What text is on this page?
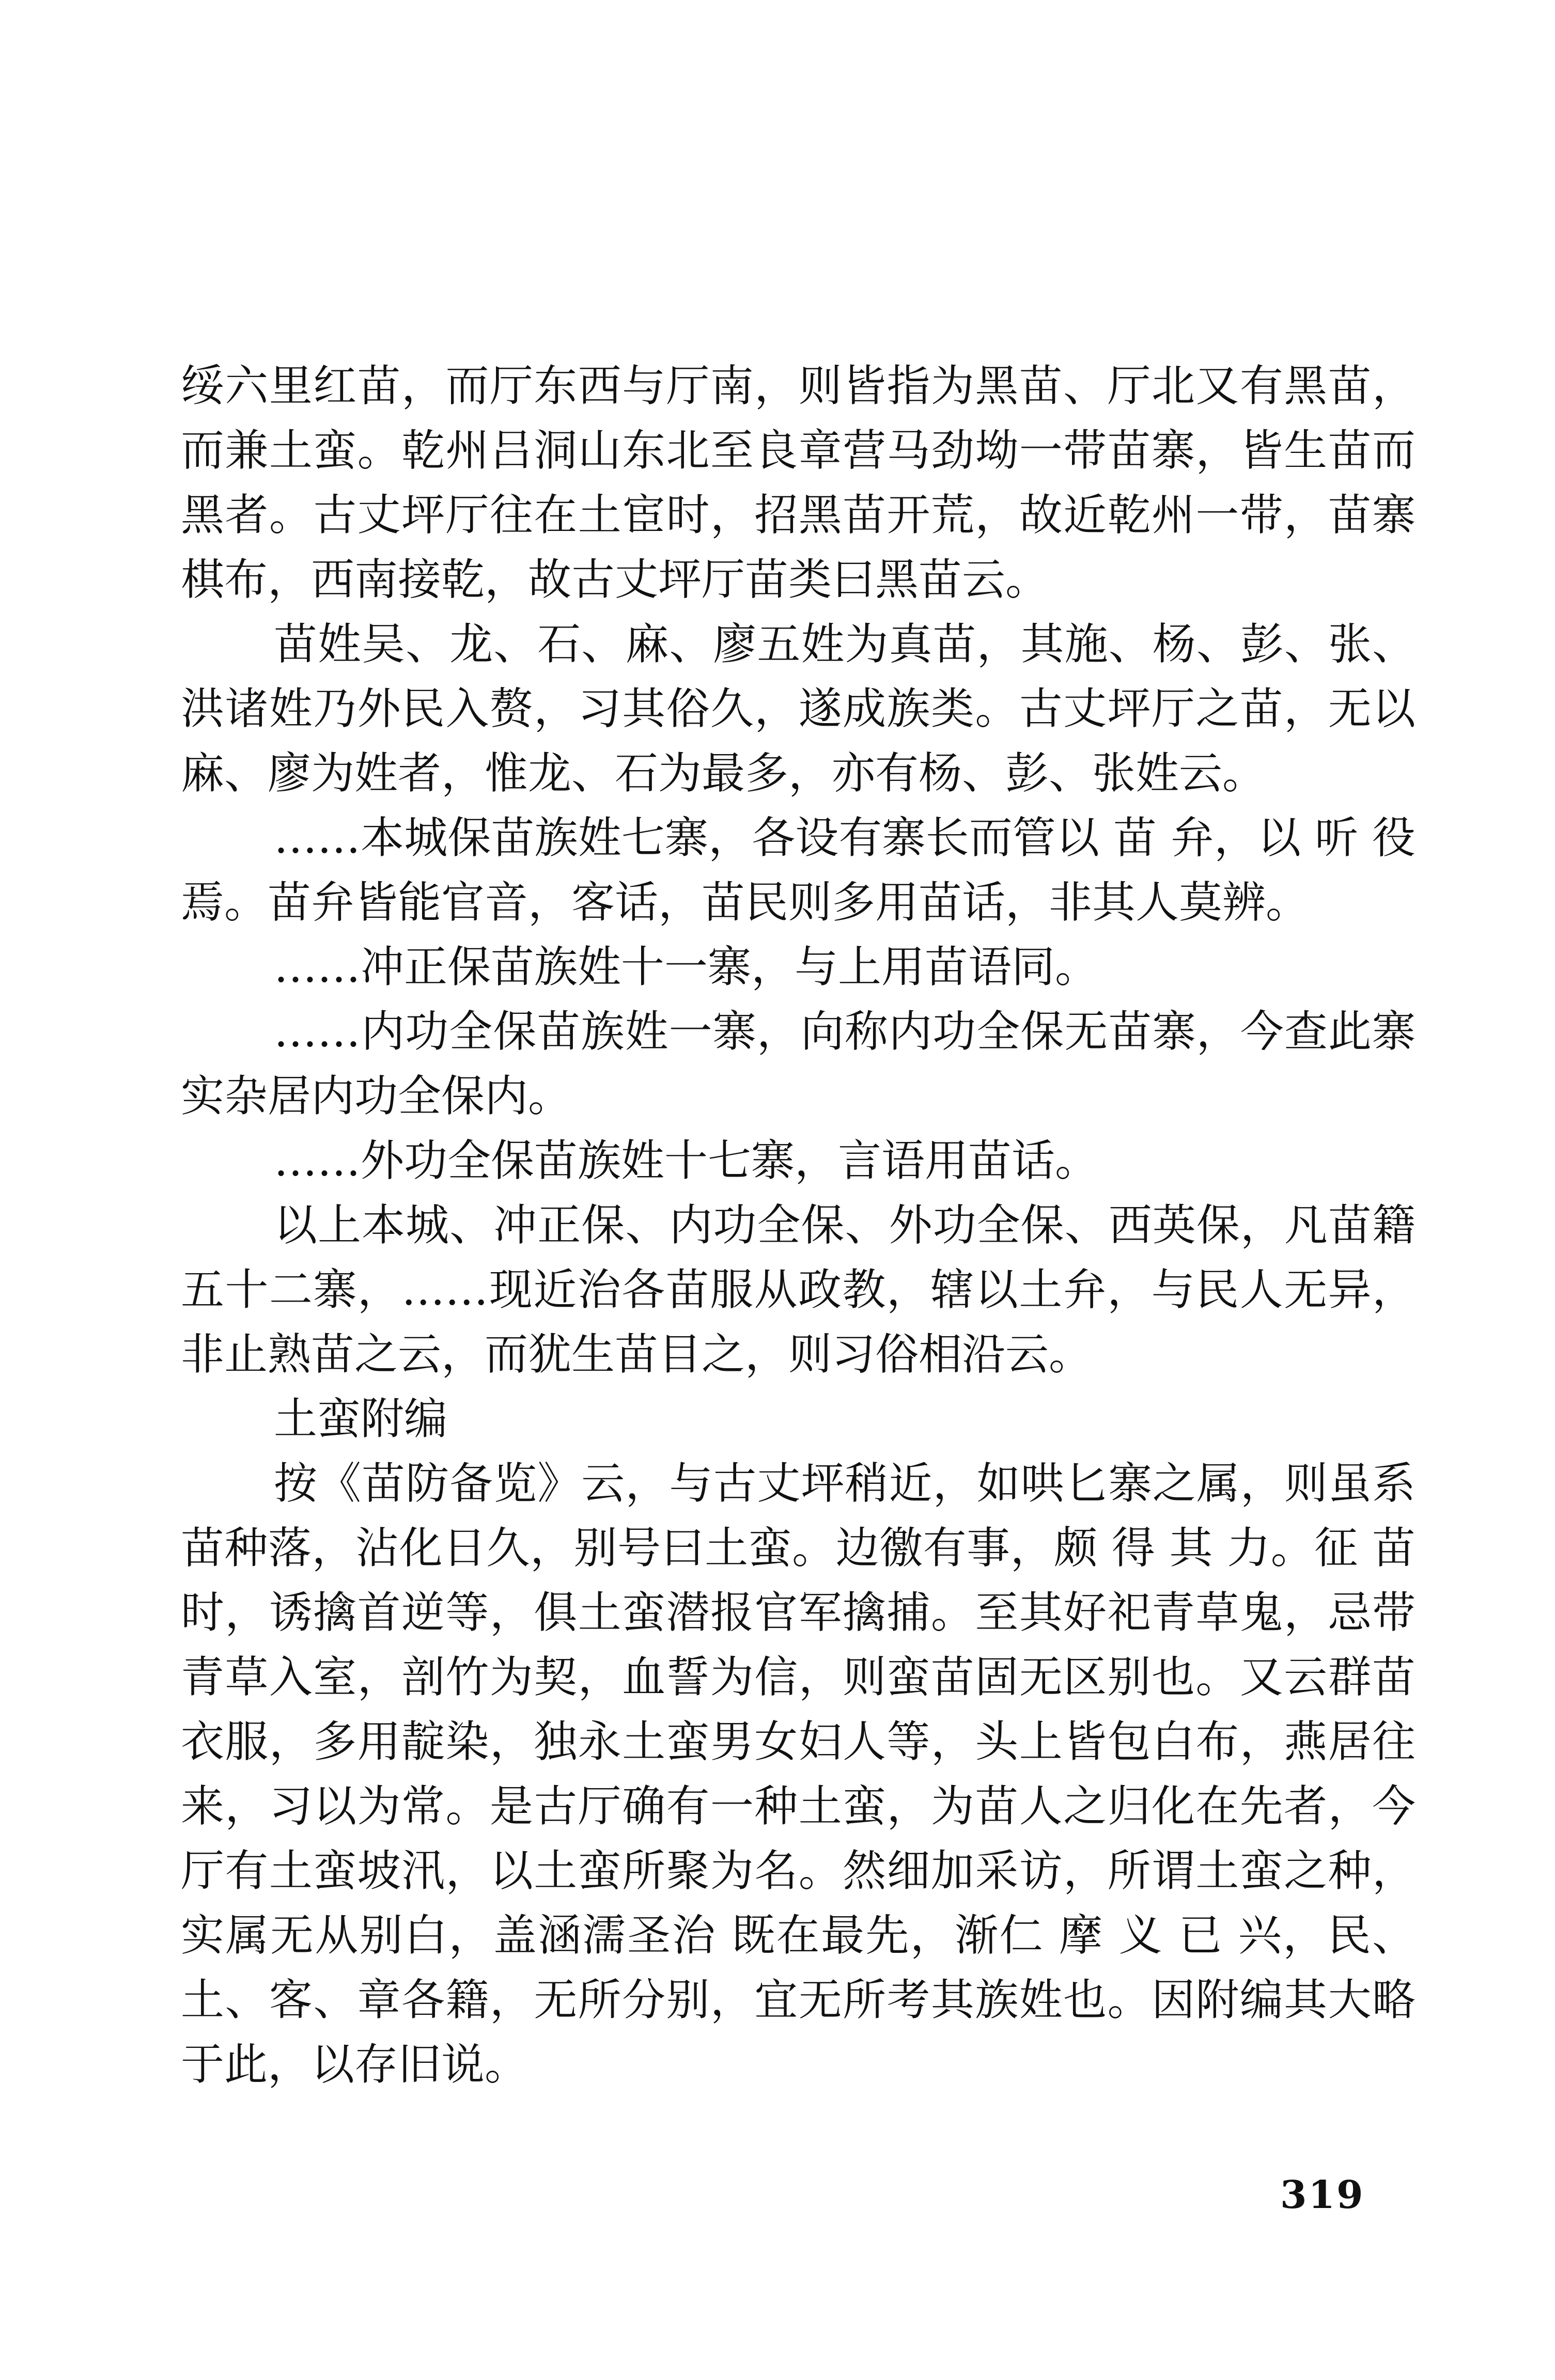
绥六里红苗，而厅东西与厅南，则皆指为黑苗、厅北又有黑苗，
而兼土蛮。乾州吕洞山东北至良章营马劲坳一带苗寨，皆生苗而
黑者。古丈坪厅往在土宦时，招黑苗开荒，故近乾州一带，苗寨
棋布，西南接乾，故古丈坪厅苗类曰黑苗云。
苗姓吴、龙、石、麻、廖五姓为真苗，其施、杨、彭、张、
洪诸姓乃外民入赘，习其俗久，遂成族类。古丈坪厅之苗，无以
麻、廖为姓者，惟龙、石为最多，亦有杨、彭、张姓云。
……本城保苗族姓七寨，各设有寨长而管以 苗 弁，以 听 役
焉。苗弁皆能官音，客话，苗民则多用苗话，非其人莫辨。
……冲正保苗族姓十一寨，与上用苗语同。
……内功全保苗族姓一寨，向称内功全保无苗寨，今查此寨
实杂居内功全保内。
……外功全保苗族姓十七寨，言语用苗话。
以上本城、冲正保、内功全保、外功全保、西英保，凡苗籍
五十二寨，……现近治各苗服从政教，辖以土弁，与民人无异，
非止熟苗之云，而犹生苗目之，则习俗相沿云。
土蛮附编
按《苗防备览》云，与古丈坪稍近，如哄匕寨之属，则虽系
苗种落，沾化日久，别号曰土蛮。边徼有事，颇 得 其 力。征 苗
时，诱擒首逆等，俱土蛮潜报官军擒捕。至其好祀青草鬼，忌带
青草入室，剖竹为契，血誓为信，则蛮苗固无区别也。又云群苗
衣服，多用靛染，独永土蛮男女妇人等，头上皆包白布，燕居往
来，习以为常。是古厅确有一种土蛮，为苗人之归化在先者，今
厅有土蛮坡汛，以土蛮所聚为名。然细加采访，所谓土蛮之种，
实属无从别白，盖涵濡圣治 既在最先，渐仁 摩 义 已 兴，民、
土、客、章各籍，无所分别，宜无所考其族姓也。因附编其大略
于此，以存旧说。
319
